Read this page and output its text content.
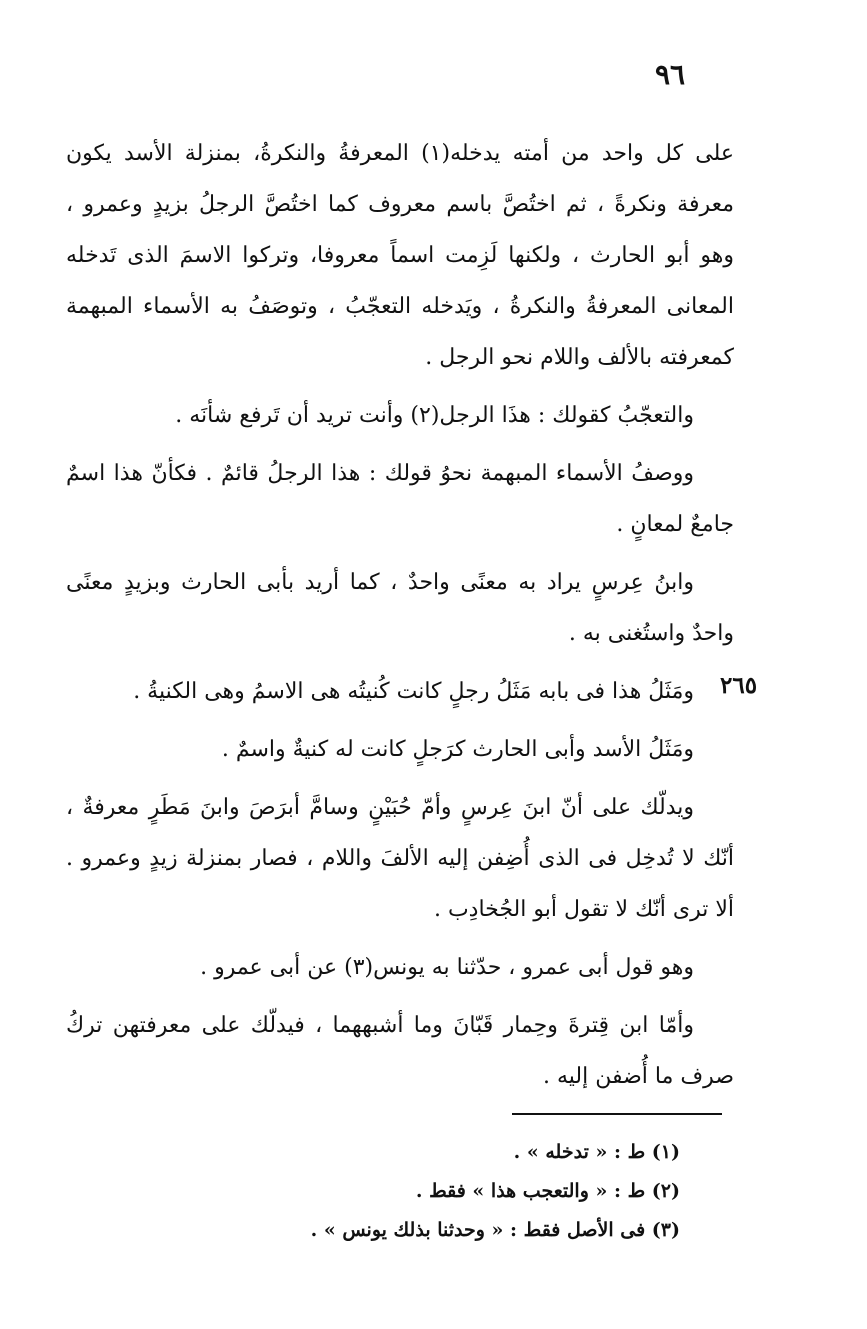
٩٦

على كل واحد من أمته يدخله(١) المعرفةُ والنكرةُ، بمنزلة الأسد يكون معرفة ونكرةً ، ثم اختُصَّ باسم معروف كما اختُصَّ الرجلُ بزيدٍ وعمرو ، وهو أبو الحارث ، ولكنها لَزِمت اسماً معروفا، وتركوا الاسمَ الذى تَدخله المعانى المعرفةُ والنكرةُ ، ويَدخله التعجّبُ ، وتوصَفُ به الأسماء المبهمة كمعرفته بالألف واللام نحو الرجل .

والتعجّبُ كقولك : هذَا الرجل(٢) وأنت تريد أن تَرفع شأنَه .

ووصفُ الأسماء المبهمة نحوُ قولك : هذا الرجلُ قائمٌ . فكأنّ هذا اسمٌ جامعٌ لمعانٍ .

وابنُ عِرسٍ يراد به معنًى واحدٌ ، كما أريد بأبى الحارث وبزيدٍ معنًى واحدٌ واستُغنى به .

ومَثَلُ هذا فى بابه مَثَلُ رجلٍ كانت كُنيتُه هى الاسمُ وهى الكنيةُ .

ومَثَلُ الأسد وأبى الحارث كرَجلٍ كانت له كنيةٌ واسمٌ .

ويدلّك على أنّ ابنَ عِرسٍ وأمّ حُبَيْنٍ وسامَّ أبرَصَ وابنَ مَطَرٍ معرفةٌ ، أنّك لا تُدخِل فى الذى أُضِفن إليه الألفَ واللام ، فصار بمنزلة زيدٍ وعمرو . ألا ترى أنّك لا تقول أبو الجُخادِب .

وهو قول أبى عمرو ، حدّثنا به يونس(٣) عن أبى عمرو .

وأمّا ابن قِترةَ وحِمار قَبّانَ وما أشبههما ، فيدلّك على معرفتهن تركُ صرف ما أُضفن إليه .

٢٦٥

(١) ط : « تدخله » .

(٢) ط : « والتعجب هذا » فقط .

(٣) فى الأصل فقط : « وحدثنا بذلك يونس » .
